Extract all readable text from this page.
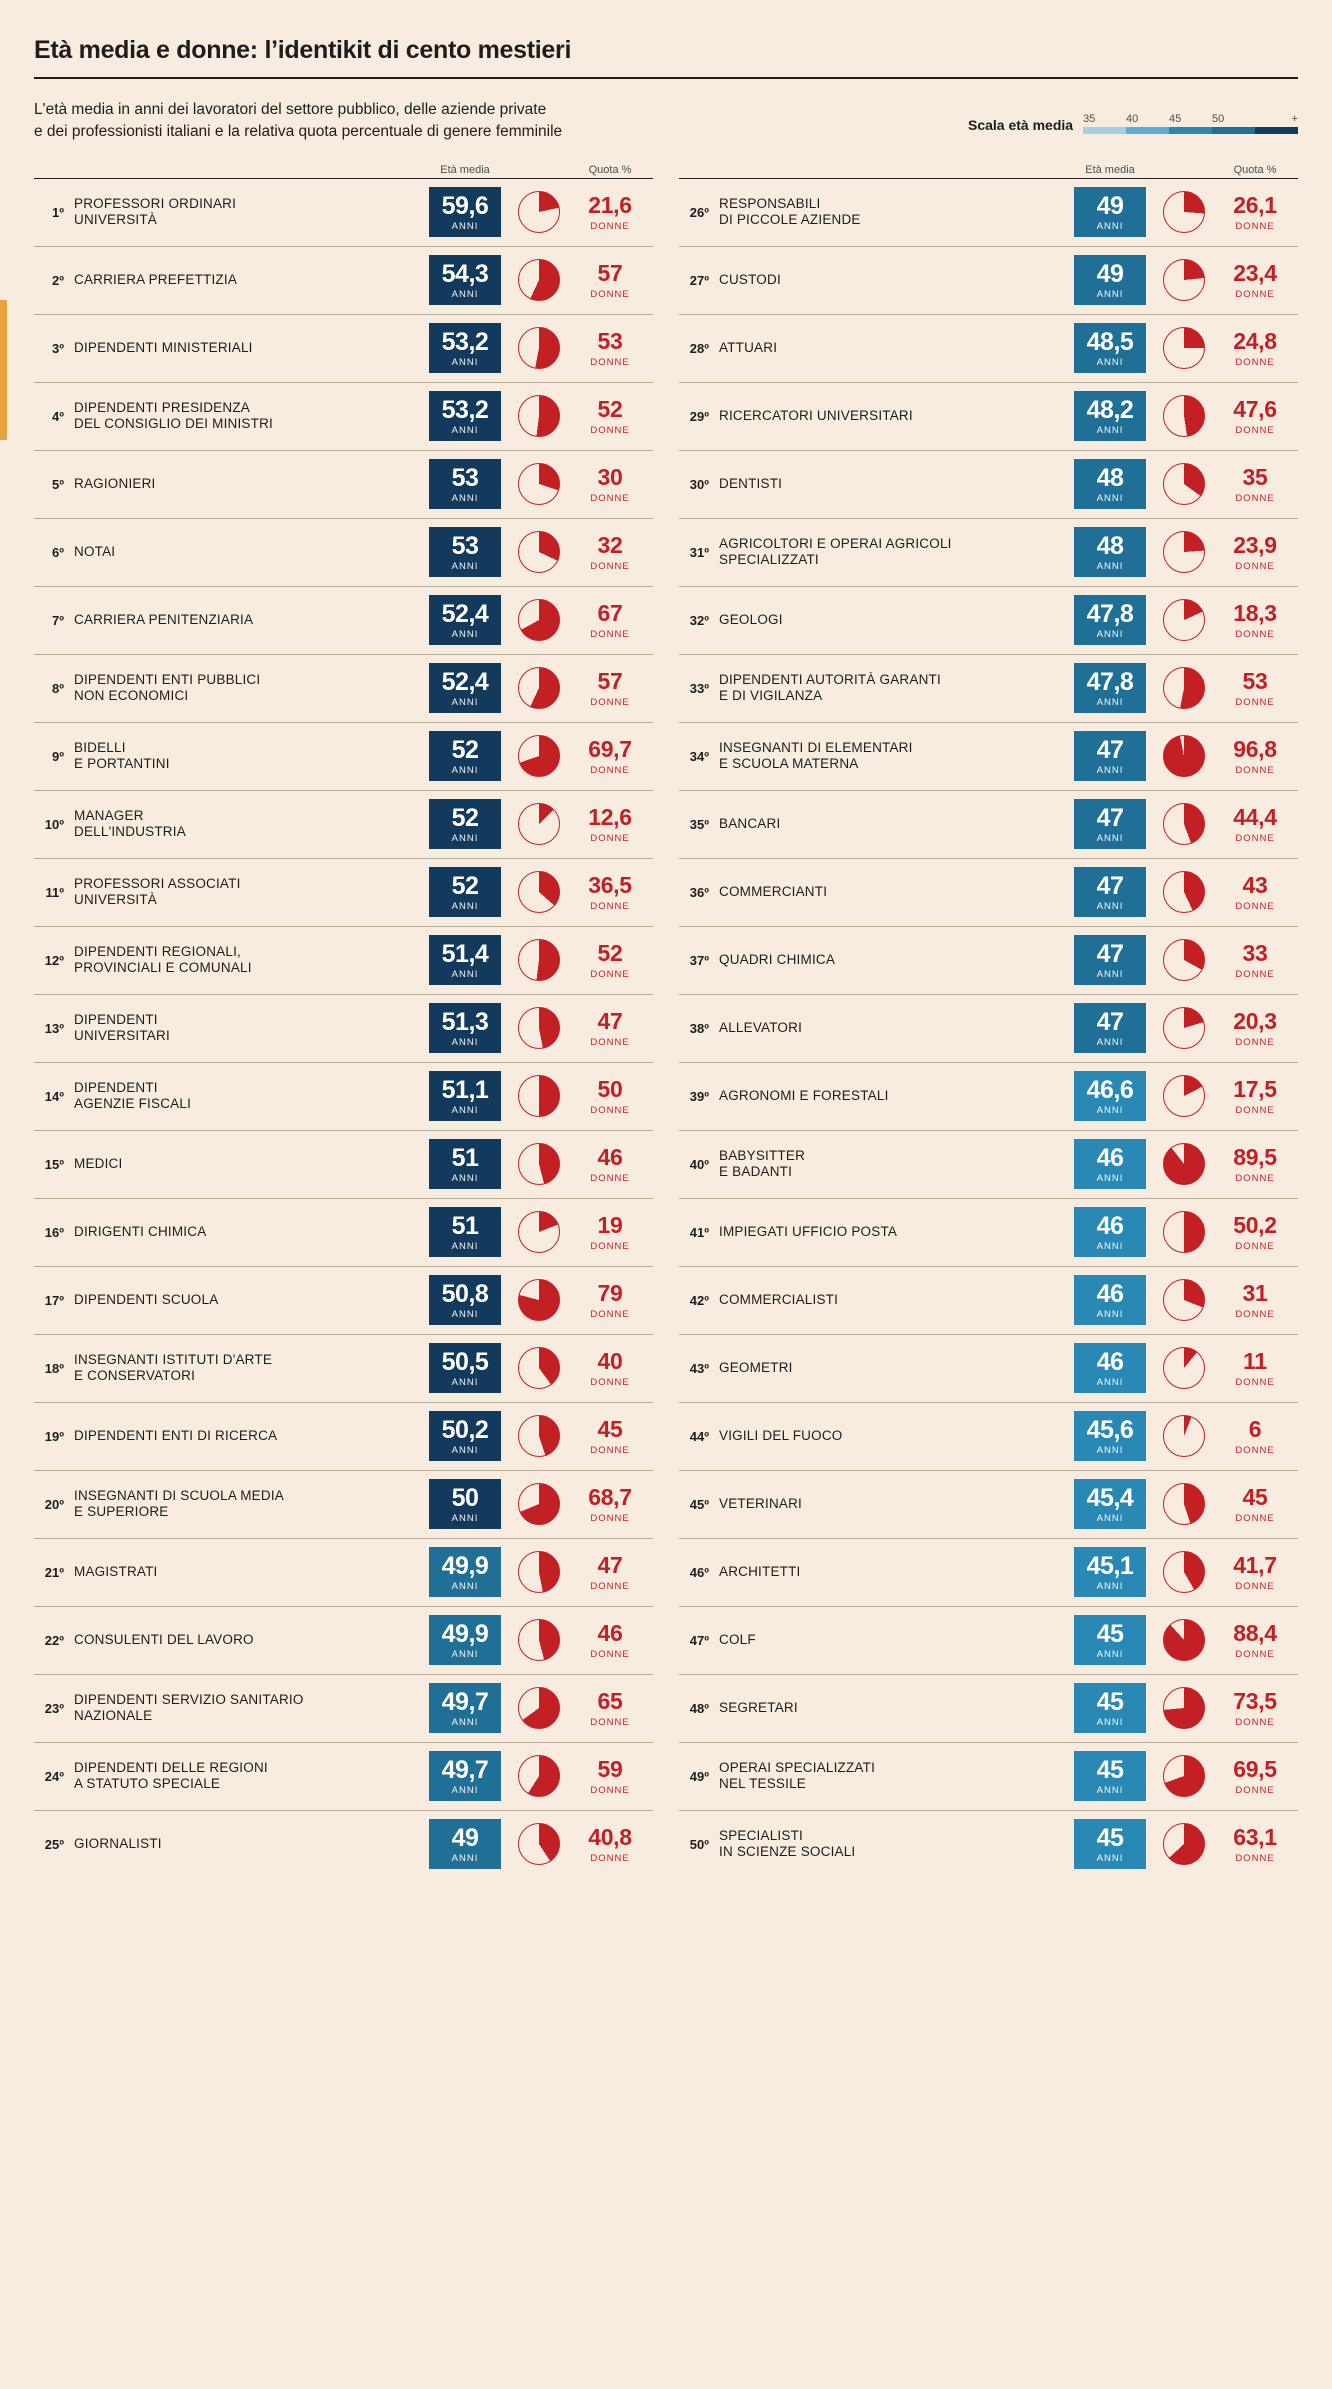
Età media e donne: l’identikit di cento mestieri
L'età media in anni dei lavoratori del settore pubblico, delle aziende private
e dei professionisti italiani e la relativa quota percentuale di genere femminile	Scala età media 35	40	45	50	+
Età media	Quota %
1º
PROFESSORI ORDINARI
UNIVERSITÀ
59,6
ANNI
21,6
DONNE
2º CARRIERA PREFETTIZIA	54,3
ANNI
57
DONNE
3º DIPENDENTI MINISTERIALI	53,2
ANNI
53
DONNE
4º
DIPENDENTI PRESIDENZA
DEL CONSIGLIO DEI MINISTRI
53,2
ANNI
52
DONNE
5º RAGIONIERI	53
ANNI
30
DONNE
6º NOTAI	53
ANNI
32
DONNE
7º CARRIERA PENITENZIARIA	52,4
ANNI
67
DONNE
8º
DIPENDENTI ENTI PUBBLICI
NON ECONOMICI
52,4
ANNI
57
DONNE
9º
BIDELLI
E PORTANTINI
52
ANNI
69,7
DONNE
10º
MANAGER
DELL'INDUSTRIA
52
ANNI
12,6
DONNE
11º
PROFESSORI ASSOCIATI
UNIVERSITÀ
52
ANNI
36,5
DONNE
12º
DIPENDENTI REGIONALI,
PROVINCIALI E COMUNALI
51,4
ANNI
52
DONNE
13º
DIPENDENTI
UNIVERSITARI
51,3
ANNI
47
DONNE
14º
DIPENDENTI
AGENZIE FISCALI
51,1
ANNI
50
DONNE
15º MEDICI	51
ANNI
46
DONNE
16º DIRIGENTI CHIMICA	51
ANNI
19
DONNE
17º DIPENDENTI SCUOLA	50,8
ANNI
79
DONNE
18º
INSEGNANTI ISTITUTI D'ARTE
E CONSERVATORI
50,5
ANNI
40
DONNE
19º DIPENDENTI ENTI DI RICERCA	50,2
ANNI
45
DONNE
20º
INSEGNANTI DI SCUOLA MEDIA
E SUPERIORE
50
ANNI
68,7
DONNE
21º MAGISTRATI	49,9
ANNI
47
DONNE
22º CONSULENTI DEL LAVORO	49,9
ANNI
46
DONNE
23º
DIPENDENTI SERVIZIO SANITARIO
NAZIONALE
49,7
ANNI
65
DONNE
24º
DIPENDENTI DELLE REGIONI
A STATUTO SPECIALE
49,7
ANNI
59
DONNE
25º GIORNALISTI	49
ANNI
40,8
DONNE
Età media	Quota %
26º
RESPONSABILI
DI PICCOLE AZIENDE
49
ANNI
26,1
DONNE
27º CUSTODI	49
ANNI
23,4
DONNE
28º ATTUARI	48,5
ANNI
24,8
DONNE
29º RICERCATORI UNIVERSITARI	48,2
ANNI
47,6
DONNE
30º DENTISTI	48
ANNI
35
DONNE
31º
AGRICOLTORI E OPERAI AGRICOLI
SPECIALIZZATI
48
ANNI
23,9
DONNE
32º GEOLOGI	47,8
ANNI
18,3
DONNE
33º
DIPENDENTI AUTORITÀ GARANTI
E DI VIGILANZA
47,8
ANNI
53
DONNE
34º
INSEGNANTI DI ELEMENTARI
E SCUOLA MATERNA
47
ANNI
96,8
DONNE
35º BANCARI	47
ANNI
44,4
DONNE
36º COMMERCIANTI	47
ANNI
43
DONNE
37º QUADRI CHIMICA	47
ANNI
33
DONNE
38º ALLEVATORI	47
ANNI
20,3
DONNE
39º AGRONOMI E FORESTALI	46,6
ANNI
17,5
DONNE
40º
BABYSITTER
E BADANTI
46
ANNI
89,5
DONNE
41º IMPIEGATI UFFICIO POSTA	46
ANNI
50,2
DONNE
42º COMMERCIALISTI	46
ANNI
31
DONNE
43º GEOMETRI	46
ANNI
11
DONNE
44º VIGILI DEL FUOCO	45,6
ANNI
6
DONNE
45º VETERINARI	45,4
ANNI
45
DONNE
46º ARCHITETTI	45,1
ANNI
41,7
DONNE
47º COLF	45
ANNI
88,4
DONNE
48º SEGRETARI	45
ANNI
73,5
DONNE
49º
OPERAI SPECIALIZZATI
NEL TESSILE
45
ANNI
69,5
DONNE
50º
SPECIALISTI
IN SCIENZE SOCIALI
45
ANNI
63,1
DONNE
